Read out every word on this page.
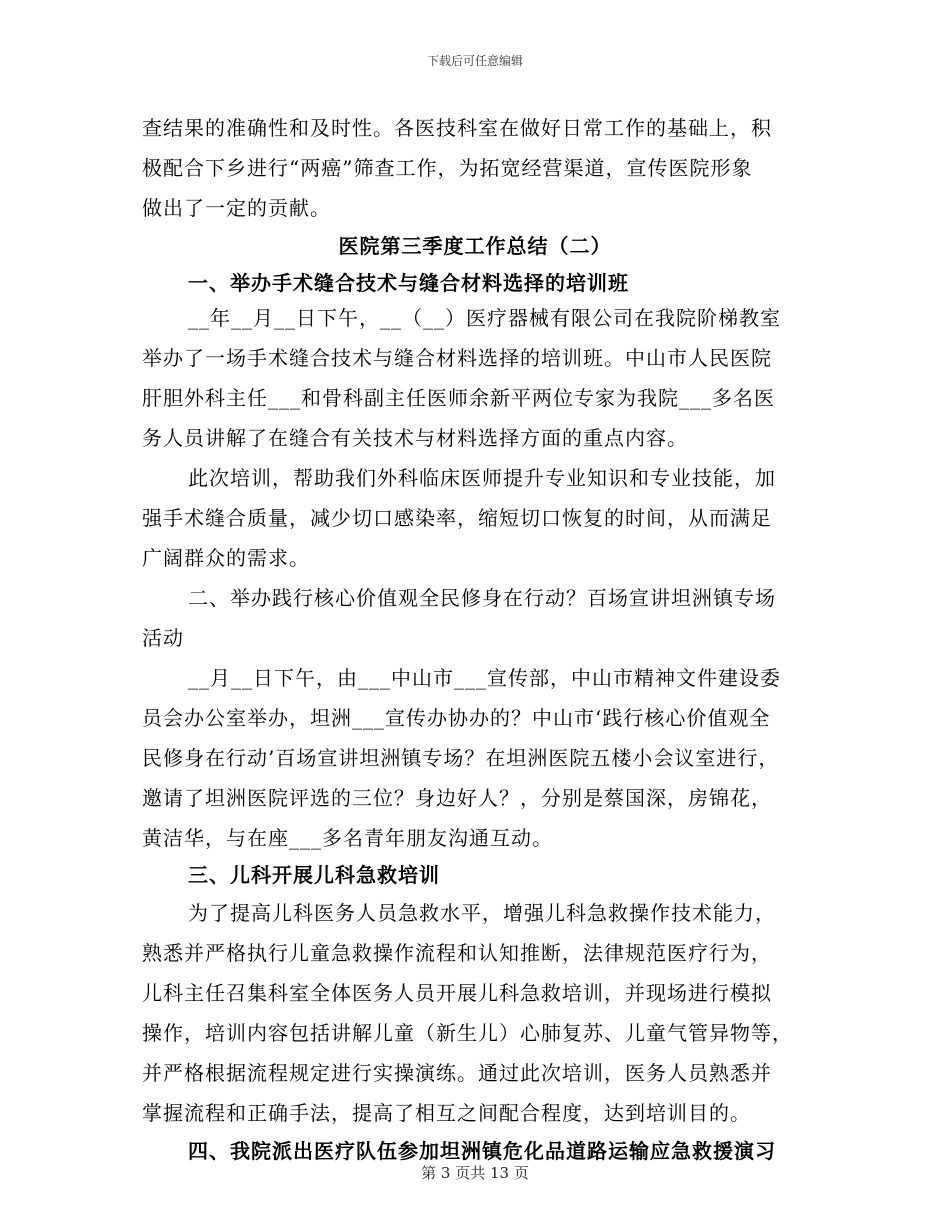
下载后可任意编辑
查结果的准确性和及时性。各医技科室在做好日常工作的基础上，积
极配合下乡进行“两癌”筛查工作，为拓宽经营渠道，宣传医院形象
做出了一定的贡献。
医院第三季度工作总结（二）
一、举办手术缝合技术与缝合材料选择的培训班
__年__月__日下午，__（__）医疗器械有限公司在我院阶梯教室
举办了一场手术缝合技术与缝合材料选择的培训班。中山市人民医院
肝胆外科主任___和骨科副主任医师余新平两位专家为我院___多名医
务人员讲解了在缝合有关技术与材料选择方面的重点内容。
此次培训，帮助我们外科临床医师提升专业知识和专业技能，加
强手术缝合质量，减少切口感染率，缩短切口恢复的时间，从而满足
广阔群众的需求。
二、举办践行核心价值观全民修身在行动？百场宣讲坦洲镇专场
活动
__月__日下午，由___中山市___宣传部，中山市精神文件建设委
员会办公室举办，坦洲___宣传办协办的？中山市‘践行核心价值观全
民修身在行动’百场宣讲坦洲镇专场？在坦洲医院五楼小会议室进行，
邀请了坦洲医院评选的三位？身边好人？，分别是蔡国深，房锦花，
黄洁华，与在座___多名青年朋友沟通互动。
三、儿科开展儿科急救培训
为了提高儿科医务人员急救水平，增强儿科急救操作技术能力，
熟悉并严格执行儿童急救操作流程和认知推断，法律规范医疗行为，
儿科主任召集科室全体医务人员开展儿科急救培训，并现场进行模拟
操作，培训内容包括讲解儿童（新生儿）心肺复苏、儿童气管异物等，
并严格根据流程规定进行实操演练。通过此次培训，医务人员熟悉并
掌握流程和正确手法，提高了相互之间配合程度，达到培训目的。
四、我院派出医疗队伍参加坦洲镇危化品道路运输应急救援演习
第 3 页共 13 页
